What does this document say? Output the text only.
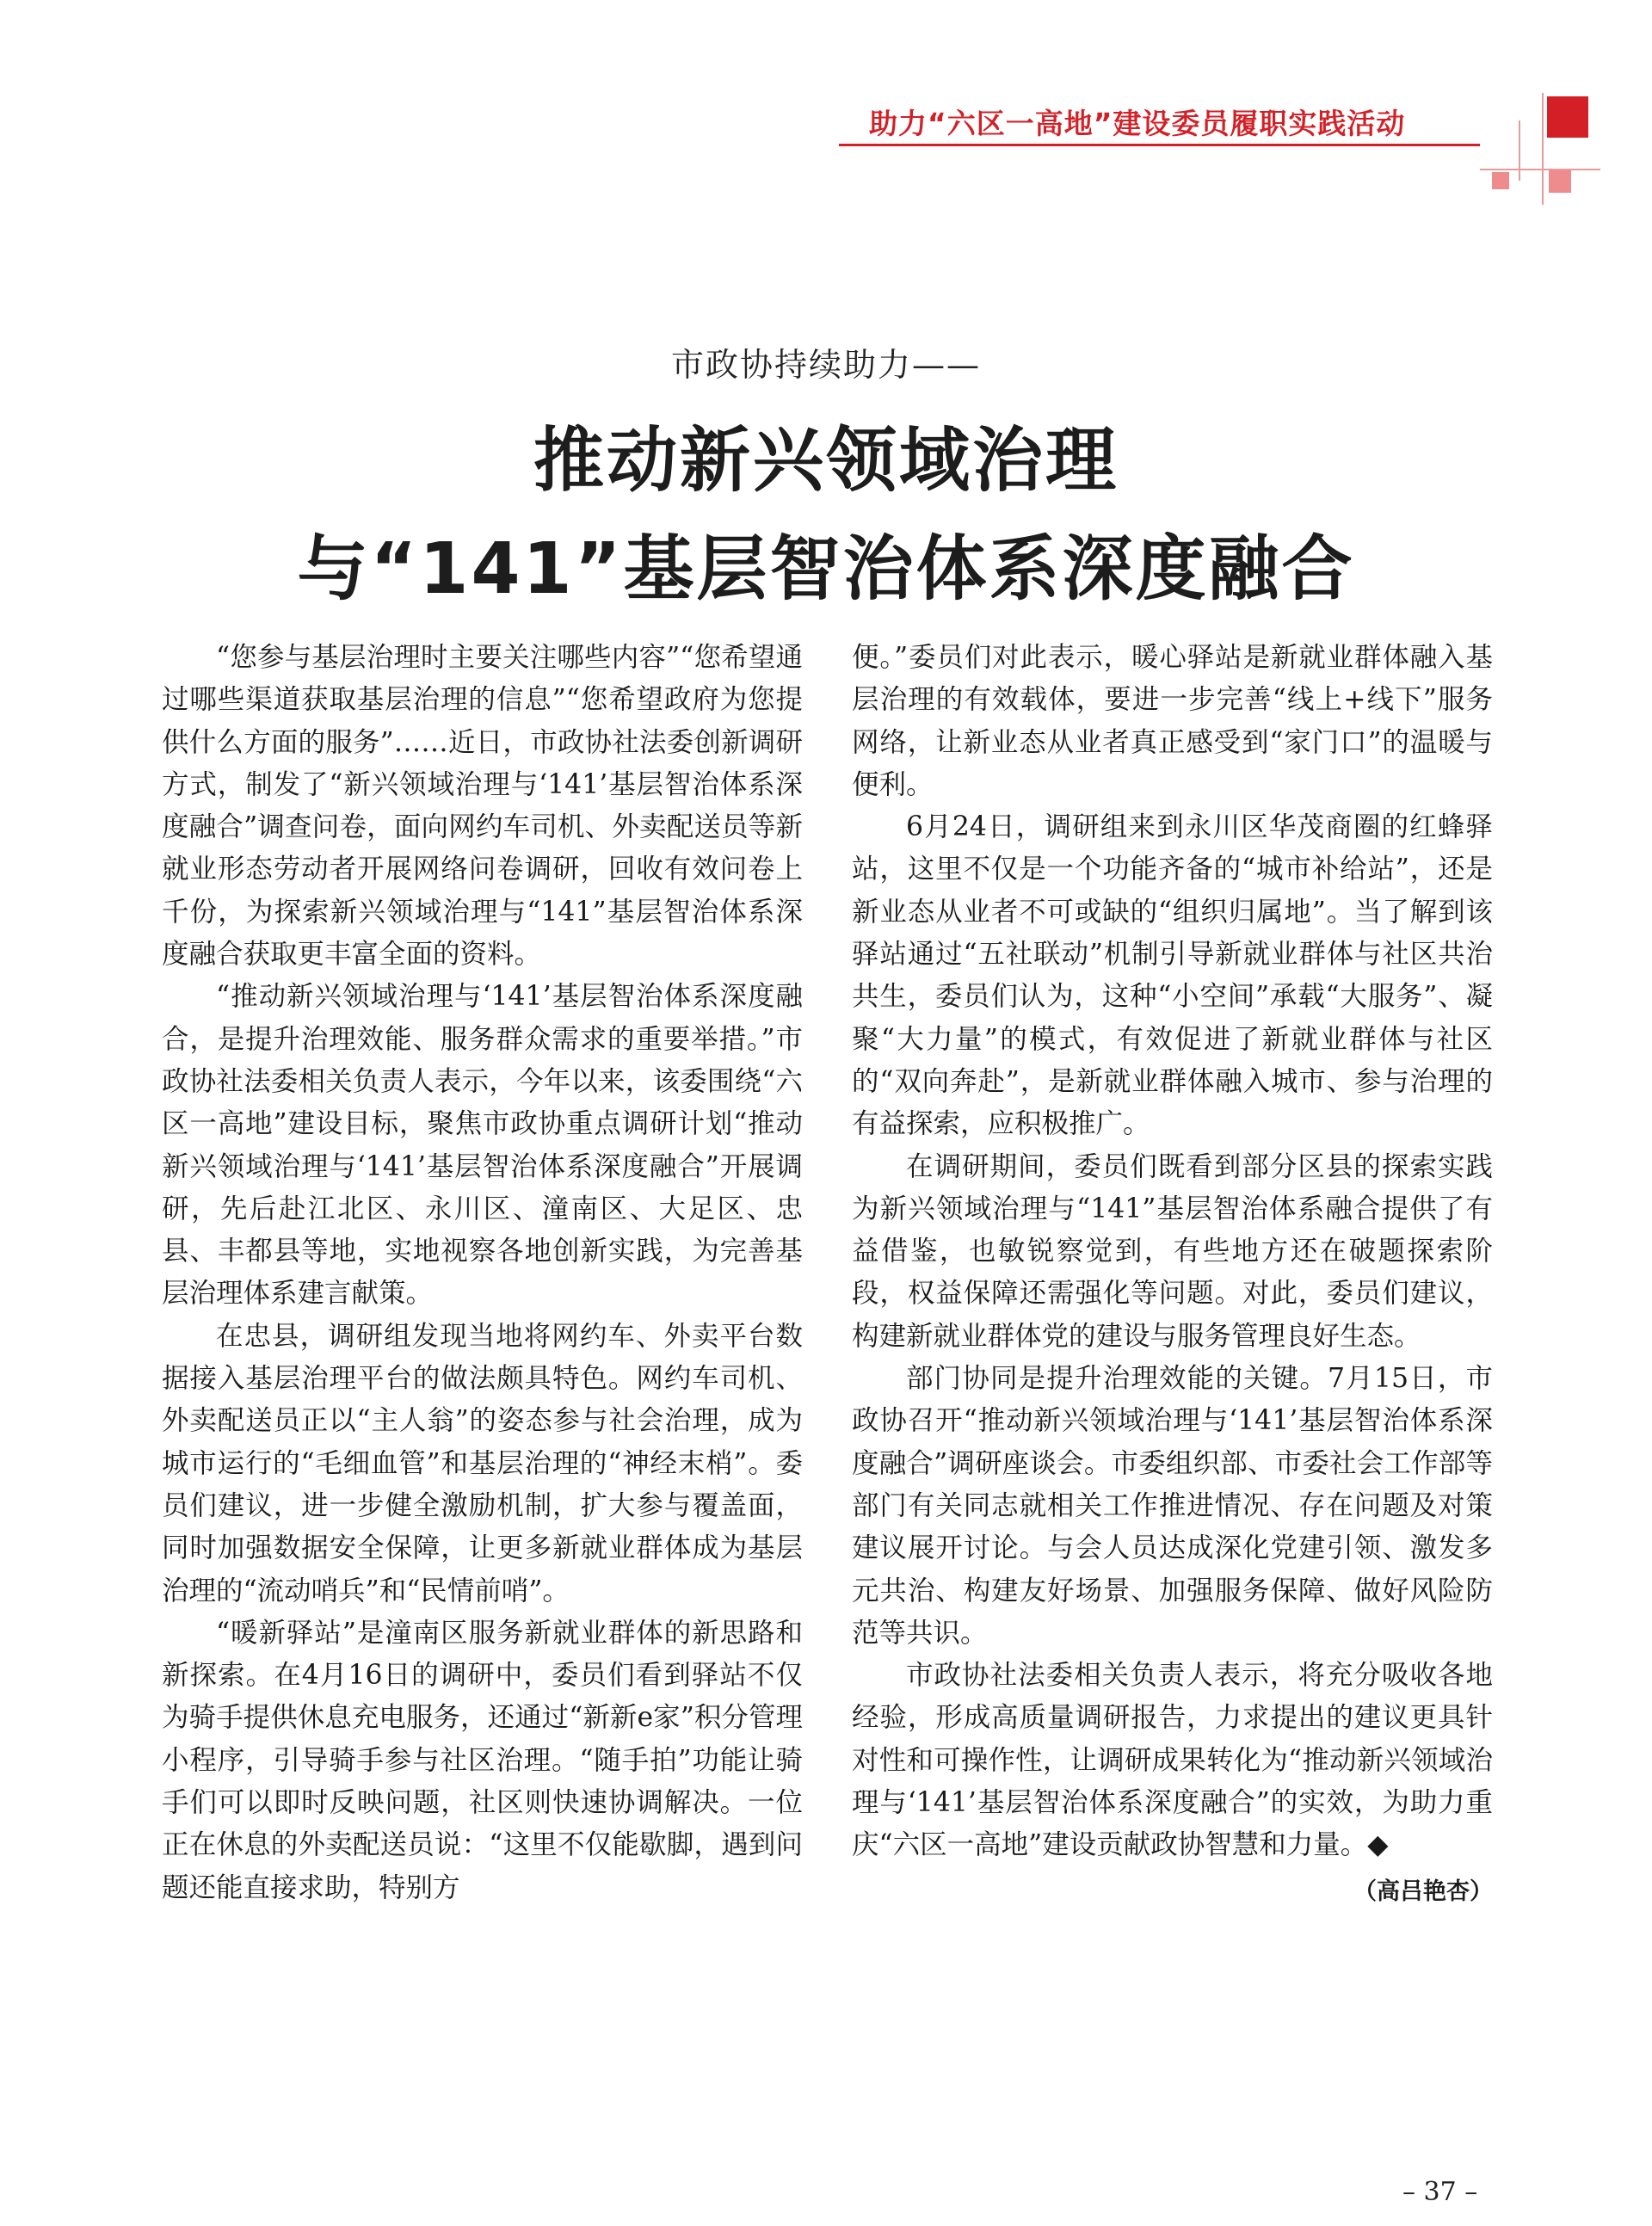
助力“六区一高地”建设委员履职实践活动
市政协持续助力——
推动新兴领域治理
与“141”基层智治体系深度融合

“您参与基层治理时主要关注哪些内容”“您希望通过哪些渠道获取基层治理的信息”“您希望政府为您提供什么方面的服务”……近日，市政协社法委创新调研方式，制发了“新兴领域治理与‘141’基层智治体系深度融合”调查问卷，面向网约车司机、外卖配送员等新就业形态劳动者开展网络问卷调研，回收有效问卷上千份，为探索新兴领域治理与“141”基层智治体系深度融合获取更丰富全面的资料。

“推动新兴领域治理与‘141’基层智治体系深度融合，是提升治理效能、服务群众需求的重要举措。”市政协社法委相关负责人表示，今年以来，该委围绕“六区一高地”建设目标，聚焦市政协重点调研计划“推动新兴领域治理与‘141’基层智治体系深度融合”开展调研，先后赴江北区、永川区、潼南区、大足区、忠县、丰都县等地，实地视察各地创新实践，为完善基层治理体系建言献策。

在忠县，调研组发现当地将网约车、外卖平台数据接入基层治理平台的做法颇具特色。网约车司机、外卖配送员正以“主人翁”的姿态参与社会治理，成为城市运行的“毛细血管”和基层治理的“神经末梢”。委员们建议，进一步健全激励机制，扩大参与覆盖面，同时加强数据安全保障，让更多新就业群体成为基层治理的“流动哨兵”和“民情前哨”。

“暖新驿站”是潼南区服务新就业群体的新思路和新探索。在4月16日的调研中，委员们看到驿站不仅为骑手提供休息充电服务，还通过“新新e家”积分管理小程序，引导骑手参与社区治理。“随手拍”功能让骑手们可以即时反映问题，社区则快速协调解决。一位正在休息的外卖配送员说：“这里不仅能歇脚，遇到问题还能直接求助，特别方

便。”委员们对此表示，暖心驿站是新就业群体融入基层治理的有效载体，要进一步完善“线上+线下”服务网络，让新业态从业者真正感受到“家门口”的温暖与便利。

6月24日，调研组来到永川区华茂商圈的红蜂驿站，这里不仅是一个功能齐备的“城市补给站”，还是新业态从业者不可或缺的“组织归属地”。当了解到该驿站通过“五社联动”机制引导新就业群体与社区共治共生，委员们认为，这种“小空间”承载“大服务”、凝聚“大力量”的模式，有效促进了新就业群体与社区的“双向奔赴”，是新就业群体融入城市、参与治理的有益探索，应积极推广。

在调研期间，委员们既看到部分区县的探索实践为新兴领域治理与“141”基层智治体系融合提供了有益借鉴，也敏锐察觉到，有些地方还在破题探索阶段，权益保障还需强化等问题。对此，委员们建议，构建新就业群体党的建设与服务管理良好生态。

部门协同是提升治理效能的关键。7月15日，市政协召开“推动新兴领域治理与‘141’基层智治体系深度融合”调研座谈会。市委组织部、市委社会工作部等部门有关同志就相关工作推进情况、存在问题及对策建议展开讨论。与会人员达成深化党建引领、激发多元共治、构建友好场景、加强服务保障、做好风险防范等共识。

市政协社法委相关负责人表示，将充分吸收各地经验，形成高质量调研报告，力求提出的建议更具针对性和可操作性，让调研成果转化为“推动新兴领域治理与‘141’基层智治体系深度融合”的实效，为助力重庆“六区一高地”建设贡献政协智慧和力量。◆

（高吕艳杏）
– 37 –
